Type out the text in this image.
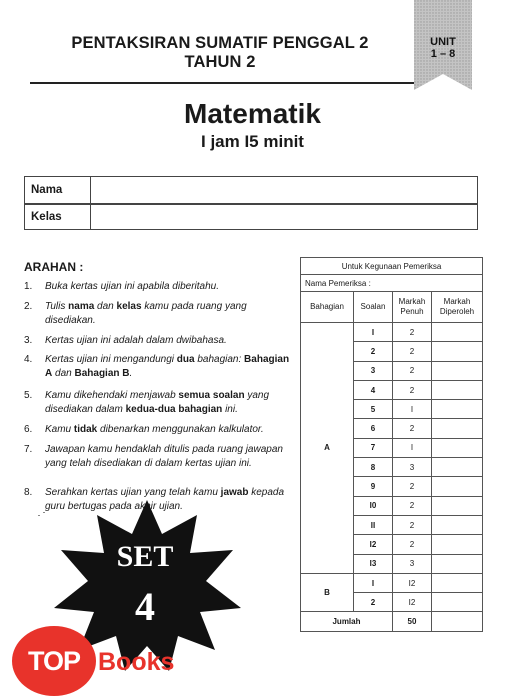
PENTAKSIRAN SUMATIF PENGGAL 2
TAHUN 2
UNIT
1 – 8
Matematik
I jam I5 minit
Nama
Kelas
ARAHAN :
1. Buka kertas ujian ini apabila diberitahu.
2. Tulis nama dan kelas kamu pada ruang yang disediakan.
3. Kertas ujian ini adalah dalam dwibahasa.
4. Kertas ujian ini mengandungi dua bahagian: Bahagian A dan Bahagian B.
5. Kamu dikehendaki menjawab semua soalan yang disediakan dalam kedua-dua bahagian ini.
6. Kamu tidak dibenarkan menggunakan kalkulator.
7. Jawapan kamu hendaklah ditulis pada ruang jawapan yang telah disediakan di dalam kertas ujian ini.
8. Serahkan kertas ujian yang telah kamu jawab kepada guru bertugas pada akhir ujian.
Untuk Kegunaan Pemeriksa			
Nama Pemeriksa :			
Bahagian	Soalan	Markah Penuh	Markah Diperoleh
A	I	2	
	2	2	
	3	2	
	4	2	
	5	I	
	6	2	
	7	I	
	8	3	
	9	2	
	I0	2	
	II	2	
	I2	2	
	I3	3	
B	I	I2	
	2	I2	
Jumlah		50	
SET
4
TOP Books
